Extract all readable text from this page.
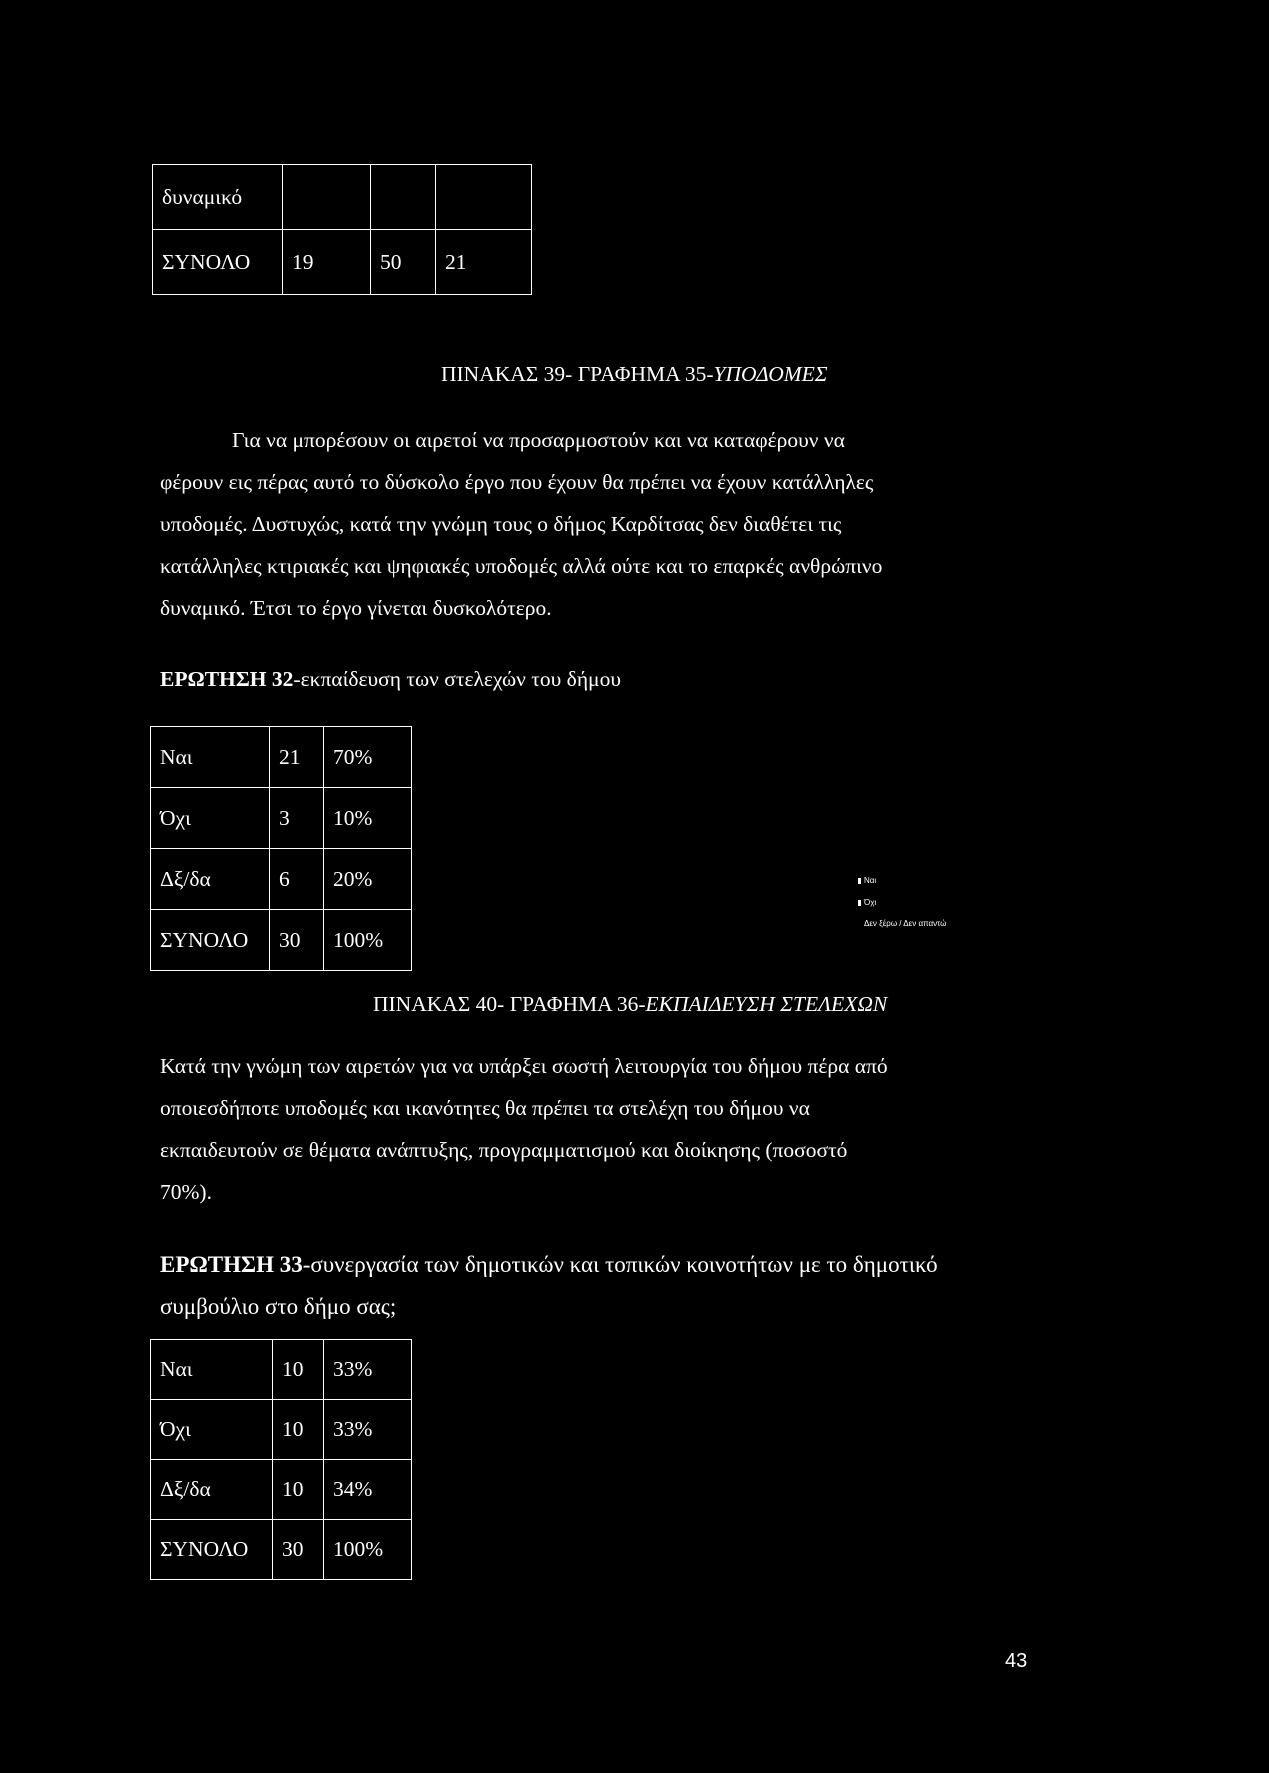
δυναμικό			
ΣΥΝΟΛΟ	19	50	21
ΠΙΝΑΚΑΣ 39- ΓΡΑΦΗΜΑ 35-ΥΠΟΔΟΜΕΣ
Για να μπορέσουν οι αιρετοί να προσαρμοστούν και να καταφέρουν να
φέρουν εις πέρας αυτό το δύσκολο έργο που έχουν θα πρέπει να έχουν κατάλληλες
υποδομές. Δυστυχώς, κατά την γνώμη τους ο δήμος Καρδίτσας δεν διαθέτει τις
κατάλληλες κτιριακές και ψηφιακές υποδομές αλλά ούτε και το επαρκές ανθρώπινο
δυναμικό. Έτσι το έργο γίνεται δυσκολότερο.
ΕΡΩΤΗΣΗ 32-εκπαίδευση των στελεχών του δήμου
Ναι	21	70%
Όχι	3	10%
Δξ/δα	6	20%
ΣΥΝΟΛΟ	30	100%
Ναι
Όχι
Δεν ξέρω / Δεν απαντώ
ΠΙΝΑΚΑΣ 40- ΓΡΑΦΗΜΑ 36-ΕΚΠΑΙΔΕΥΣΗ ΣΤΕΛΕΧΩΝ
Κατά την γνώμη των αιρετών για να υπάρξει σωστή λειτουργία του δήμου πέρα από
οποιεσδήποτε υποδομές και ικανότητες θα πρέπει τα στελέχη του δήμου να
εκπαιδευτούν σε θέματα ανάπτυξης, προγραμματισμού και διοίκησης (ποσοστό
70%).
ΕΡΩΤΗΣΗ 33-συνεργασία των δημοτικών και τοπικών κοινοτήτων με το δημοτικό
συμβούλιο στο δήμο σας;
Ναι	10	33%
Όχι	10	33%
Δξ/δα	10	34%
ΣΥΝΟΛΟ	30	100%
43
